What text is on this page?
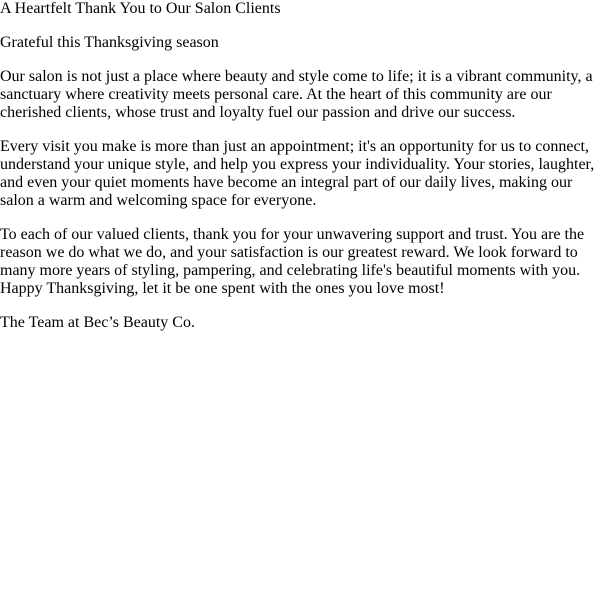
A Heartfelt Thank You to Our Salon Clients

Grateful this Thanksgiving season

Our salon is not just a place where beauty and style come to life; it is a vibrant community, a sanctuary where creativity meets personal care. At the heart of this community are our cherished clients, whose trust and loyalty fuel our passion and drive our success.

Every visit you make is more than just an appointment; it's an opportunity for us to connect, understand your unique style, and help you express your individuality. Your stories, laughter, and even your quiet moments have become an integral part of our daily lives, making our salon a warm and welcoming space for everyone.

To each of our valued clients, thank you for your unwavering support and trust. You are the reason we do what we do, and your satisfaction is our greatest reward. We look forward to many more years of styling, pampering, and celebrating life's beautiful moments with you. Happy Thanksgiving, let it be one spent with the ones you love most!

The Team at Bec’s Beauty Co.
